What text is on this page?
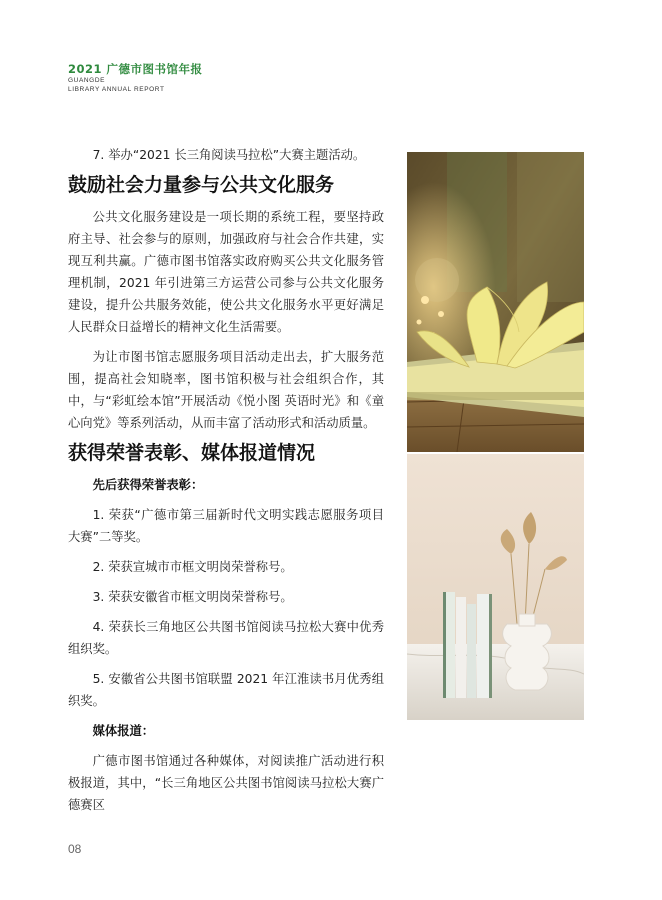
2021 广德市图书馆年报
GUANGDE
LIBRARY ANNUAL REPORT

7. 举办“2021 长三角阅读马拉松”大赛主题活动。

鼓励社会力量参与公共文化服务

公共文化服务建设是一项长期的系统工程，要坚持政府主导、社会参与的原则，加强政府与社会合作共建，实现互利共赢。广德市图书馆落实政府购买公共文化服务管理机制，2021 年引进第三方运营公司参与公共文化服务建设，提升公共服务效能，使公共文化服务水平更好满足人民群众日益增长的精神文化生活需要。

为让市图书馆志愿服务项目活动走出去，扩大服务范围，提高社会知晓率，图书馆积极与社会组织合作，其中，与“彩虹绘本馆”开展活动《悦小图 英语时光》和《童心向党》等系列活动，从而丰富了活动形式和活动质量。

获得荣誉表彰、媒体报道情况
先后获得荣誉表彰：

1. 荣获“广德市第三届新时代文明实践志愿服务项目大赛”二等奖。

2. 荣获宣城市市框文明岗荣誉称号。

3. 荣获安徽省市框文明岗荣誉称号。

4. 荣获长三角地区公共图书馆阅读马拉松大赛中优秀组织奖。

5. 安徽省公共图书馆联盟 2021 年江淮读书月优秀组织奖。

媒体报道：

广德市图书馆通过各种媒体，对阅读推广活动进行积极报道，其中，“长三角地区公共图书馆阅读马拉松大赛广德赛区

08
